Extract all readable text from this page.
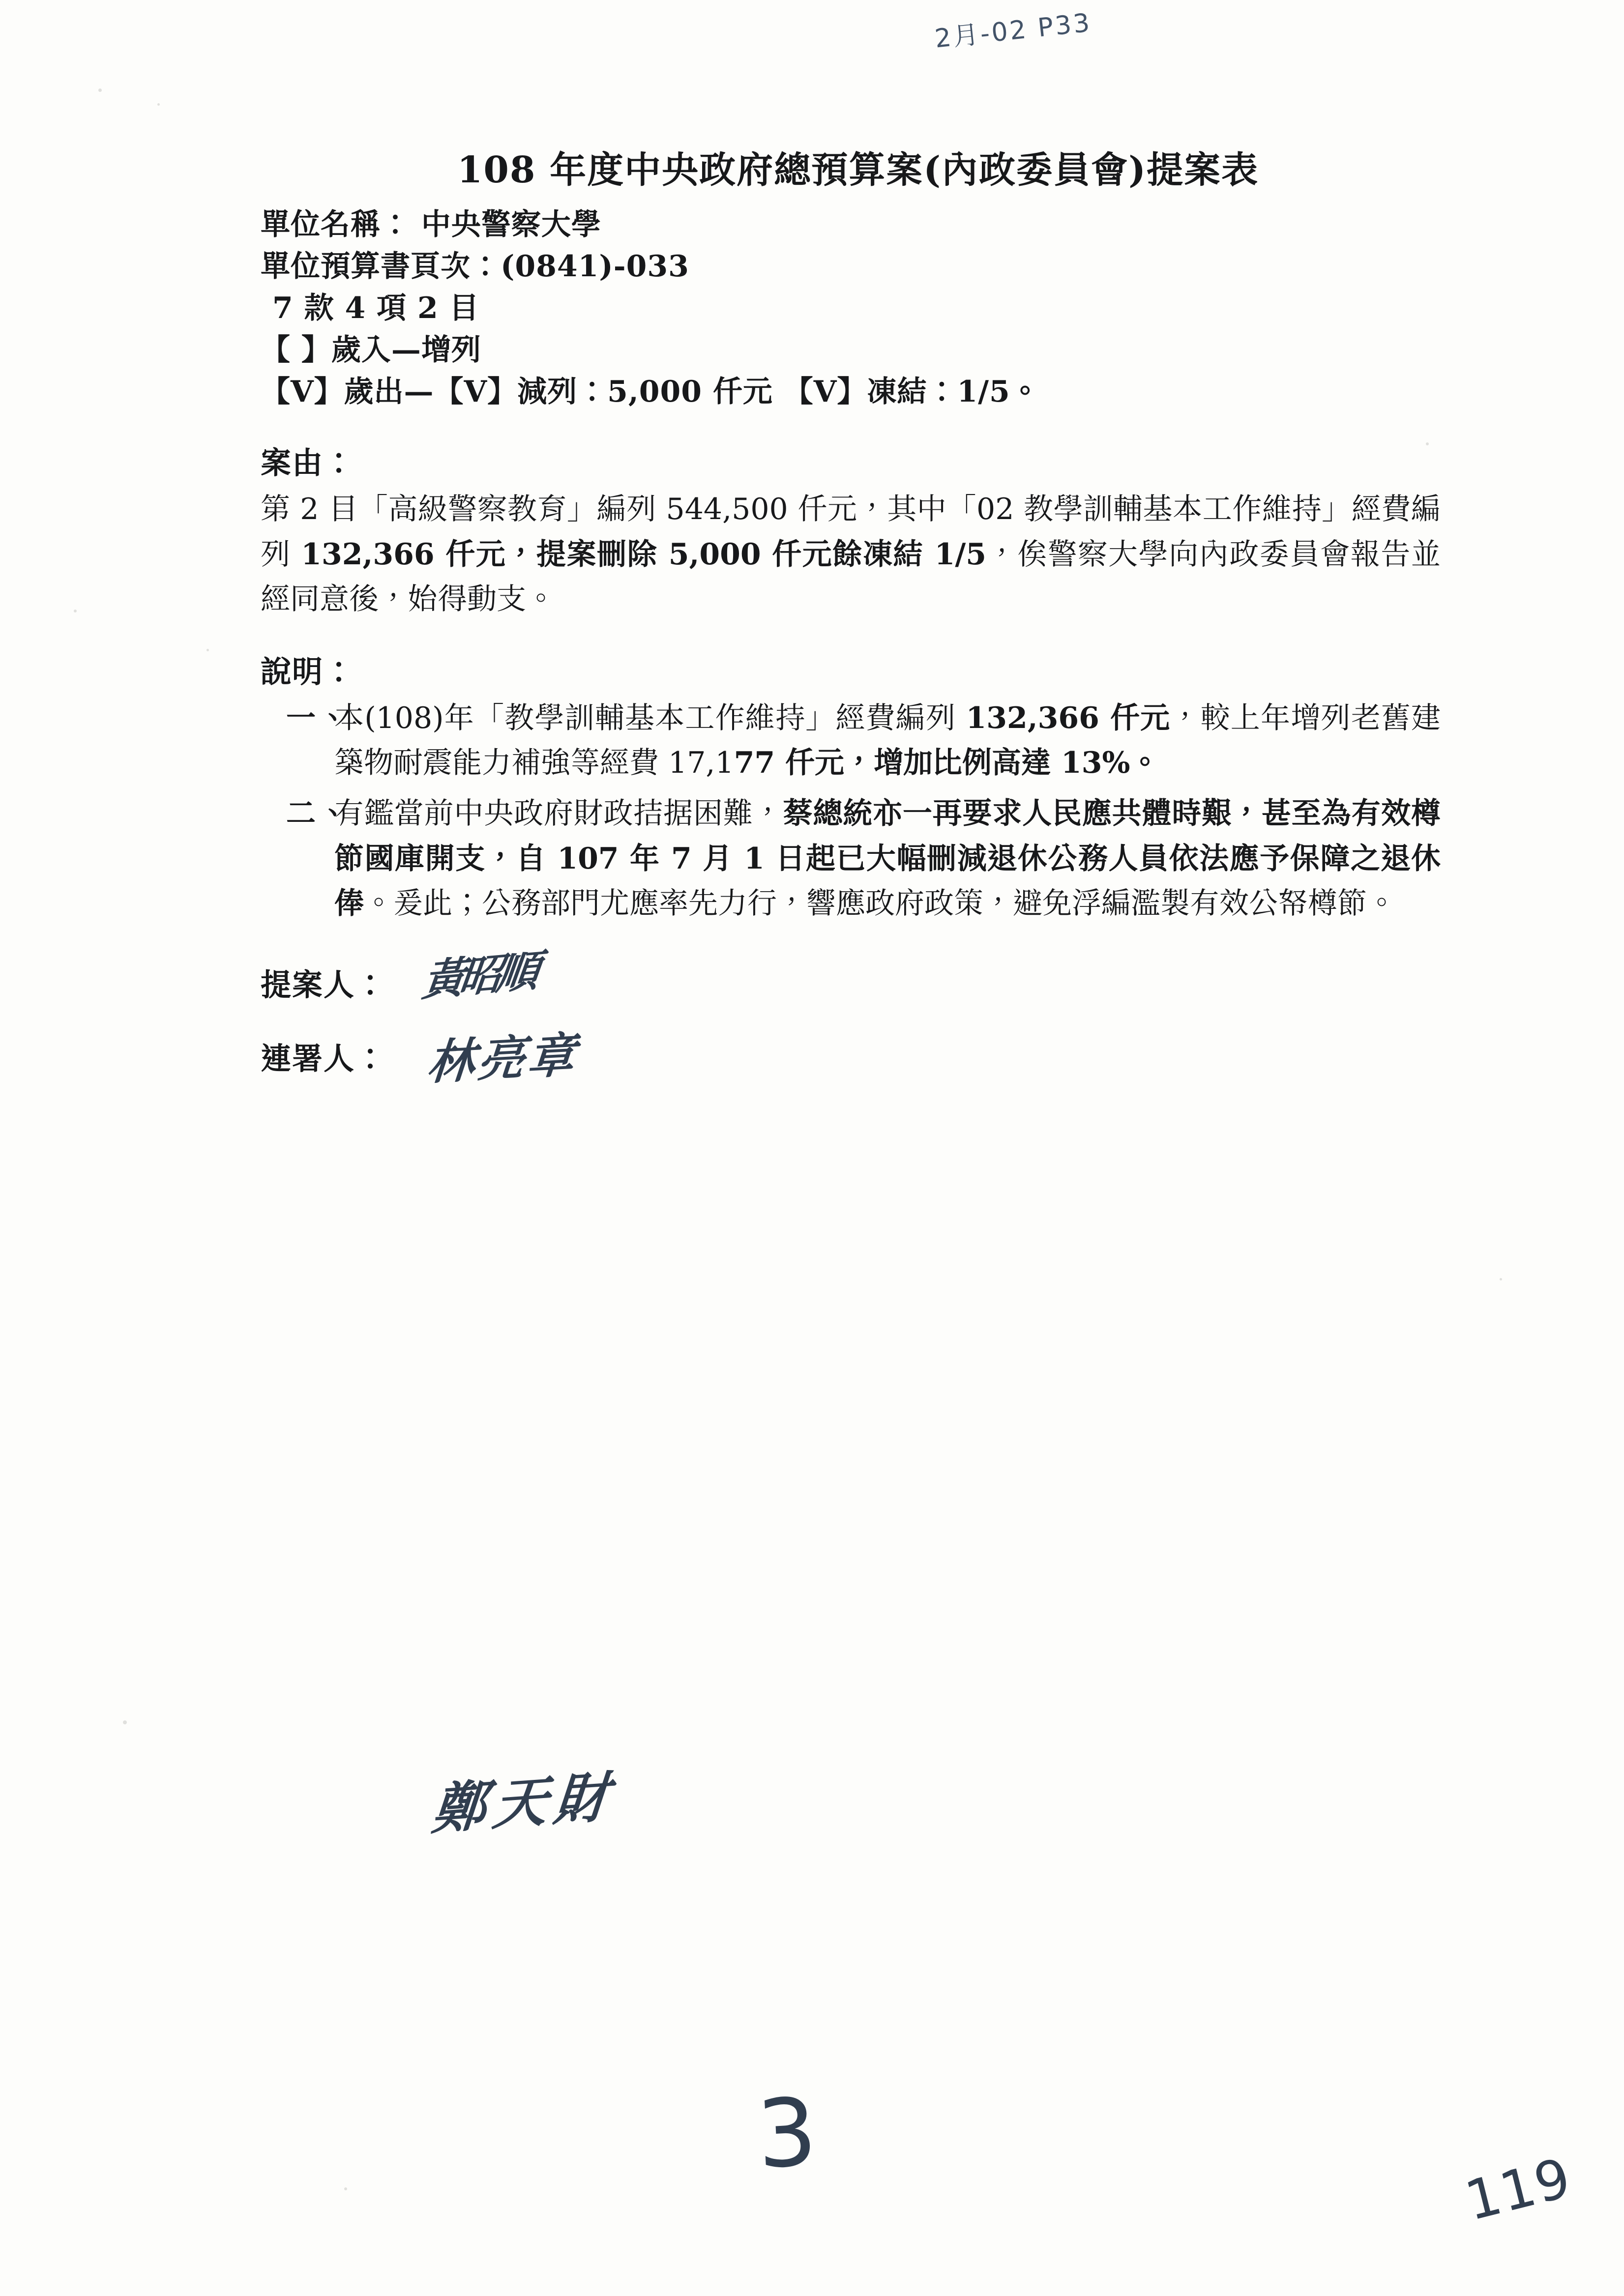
2月-02 P33
108 年度中央政府總預算案(內政委員會)提案表
單位名稱： 中央警察大學
單位預算書頁次：(0841)-033
7 款 4 項 2 目
【 】歲入—增列
【V】歲出—【V】減列：5,000 仟元 【V】凍結：1/5。
案由：
第 2 目「高級警察教育」編列 544,500 仟元，其中「02 教學訓輔基本工作維持」經費編列 132,366 仟元，提案刪除 5,000 仟元餘凍結 1/5，俟警察大學向內政委員會報告並經同意後，始得動支。
說明：
一、
本(108)年「教學訓輔基本工作維持」經費編列 132,366 仟元，較上年增列老舊建築物耐震能力補強等經費 17,177 仟元，增加比例高達 13%。
二、
有鑑當前中央政府財政拮据困難，蔡總統亦一再要求人民應共體時艱，甚至為有效樽節國庫開支，自 107 年 7 月 1 日起已大幅刪減退休公務人員依法應予保障之退休俸。爰此；公務部門尤應率先力行，響應政府政策，避免浮編濫製有效公帑樽節。
提案人： 黃昭順
連署人： 林亮章
鄭天財
3	119
